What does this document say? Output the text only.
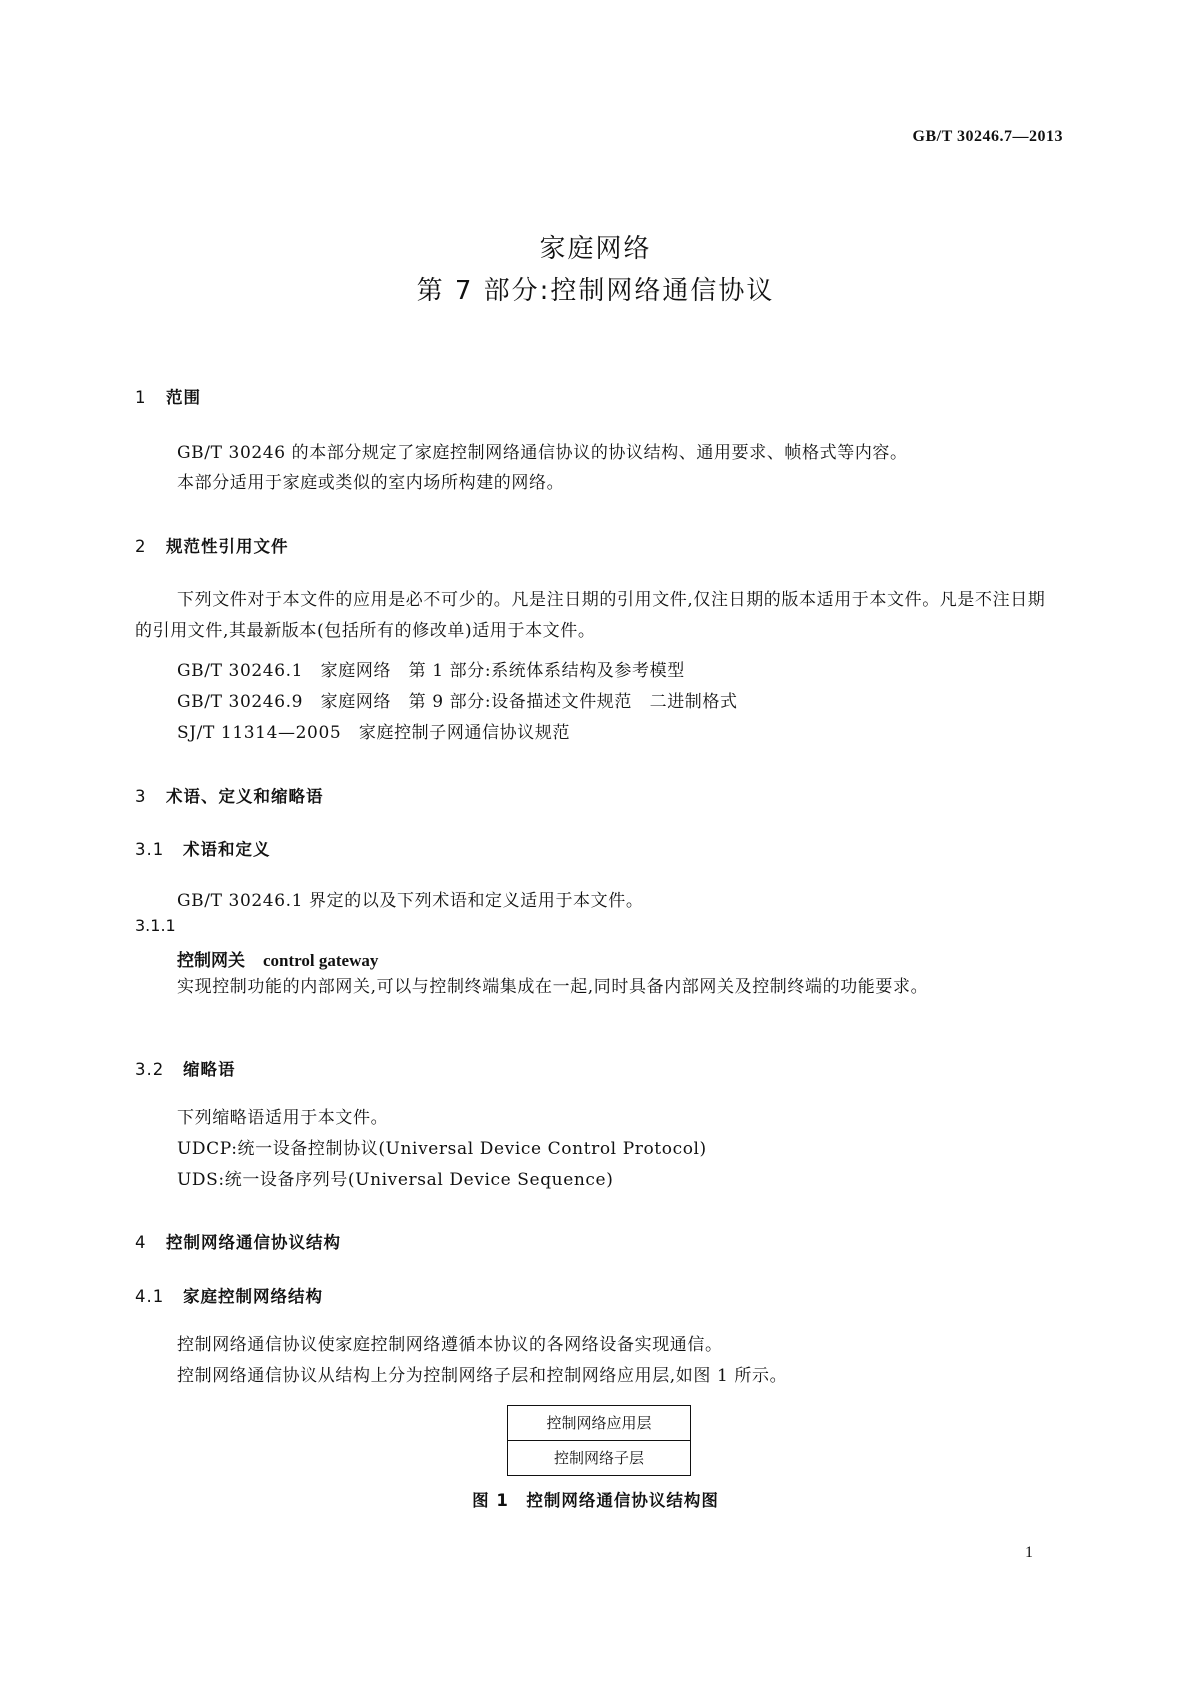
GB/T 30246.7—2013
家庭网络
第 7 部分:控制网络通信协议
1 范围
GB/T 30246 的本部分规定了家庭控制网络通信协议的协议结构、通用要求、帧格式等内容。
本部分适用于家庭或类似的室内场所构建的网络。
2 规范性引用文件
下列文件对于本文件的应用是必不可少的。凡是注日期的引用文件,仅注日期的版本适用于本文件。凡是不注日期的引用文件,其最新版本(包括所有的修改单)适用于本文件。
GB/T 30246.1　家庭网络　第 1 部分:系统体系结构及参考模型
GB/T 30246.9　家庭网络　第 9 部分:设备描述文件规范　二进制格式
SJ/T 11314—2005　家庭控制子网通信协议规范
3 术语、定义和缩略语
3.1 术语和定义
GB/T 30246.1 界定的以及下列术语和定义适用于本文件。
3.1.1
控制网关 control gateway
实现控制功能的内部网关,可以与控制终端集成在一起,同时具备内部网关及控制终端的功能要求。
3.2 缩略语
下列缩略语适用于本文件。
UDCP:统一设备控制协议(Universal Device Control Protocol)
UDS:统一设备序列号(Universal Device Sequence)
4 控制网络通信协议结构
4.1 家庭控制网络结构
控制网络通信协议使家庭控制网络遵循本协议的各网络设备实现通信。
控制网络通信协议从结构上分为控制网络子层和控制网络应用层,如图 1 所示。
控制网络应用层
控制网络子层
图 1　控制网络通信协议结构图
1
